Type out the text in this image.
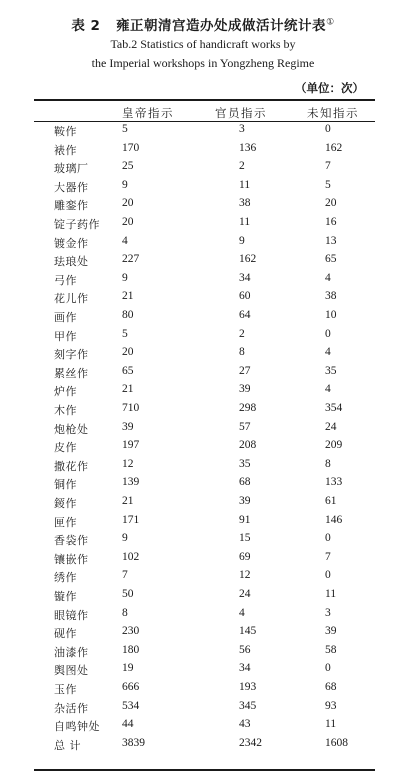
表 2 雍正朝清宫造办处成做活计统计表①
Tab.2 Statistics of handicraft works by
the Imperial workshops in Yongzheng Regime
（单位：次）
皇帝指示	官员指示	未知指示
鞍作	5	3	0
裱作	170	136	162
玻璃厂	25	2	7
大器作	9	11	5
雕銮作	20	38	20
锭子药作 20	11	16
镀金作	4	9	13
珐琅处	227	162	65
弓作	9	34	4
花儿作	21	60	38
画作	80	64	10
甲作	5	2	0
刻字作	20	8	4
累丝作	65	27	35
炉作	21	39	4
木作	710	298	354
炮枪处	39	57	24
皮作	197	208	209
撒花作	12	35	8
铜作	139	68	133
錽作	21	39	61
匣作	171	91	146
香袋作	9	15	0
镶嵌作	102	69	7
绣作	7	12	0
镟作	50	24	11
眼镜作	8	4	3
砚作	230	145	39
油漆作	180	56	58
舆图处	19	34	0
玉作	666	193	68
杂活作	534	345	93
自鸣钟处 44	43	11
总 计	3839	2342	1608
